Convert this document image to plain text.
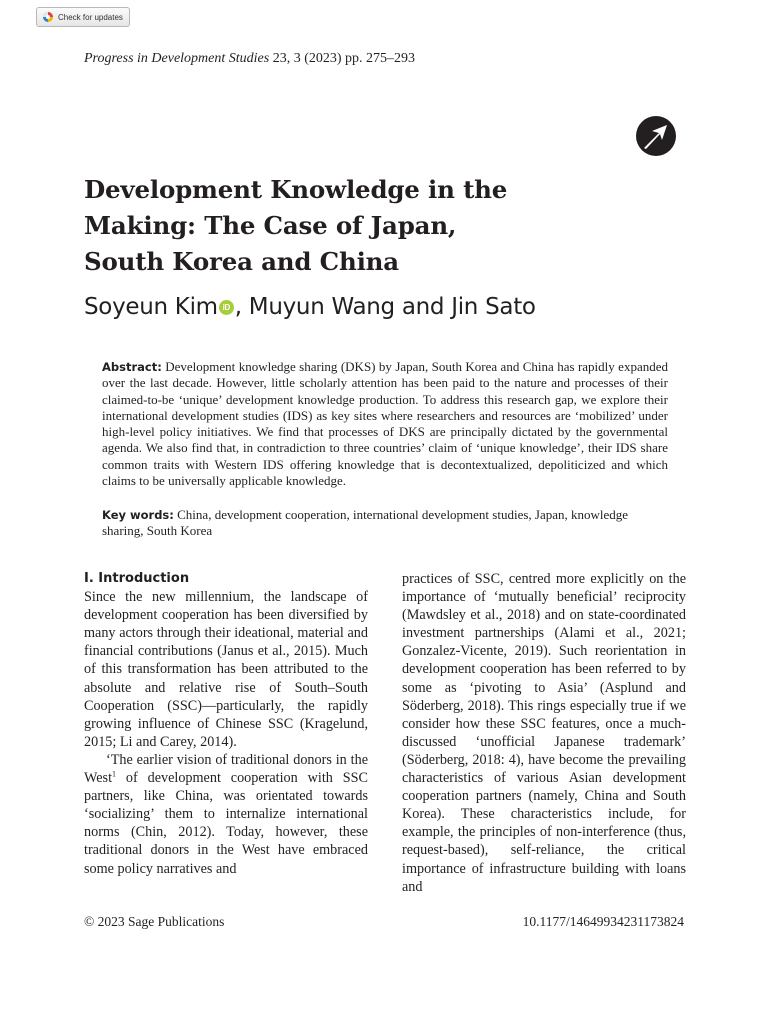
Check for updates
Progress in Development Studies 23, 3 (2023) pp. 275–293
Development Knowledge in the
Making: The Case of Japan,
South Korea and China
Soyeun Kim iD , Muyun Wang and Jin Sato

Abstract: Development knowledge sharing (DKS) by Japan, South Korea and China has rapidly expanded over the last decade. However, little scholarly attention has been paid to the nature and processes of their claimed-to-be ‘unique’ development knowledge production. To address this research gap, we explore their international development studies (IDS) as key sites where researchers and resources are ‘mobilized’ under high-level policy initiatives. We find that processes of DKS are principally dictated by the governmental agenda. We also find that, in contradiction to three countries’ claim of ‘unique knowledge’, their IDS share common traits with Western IDS offering knowledge that is decontextualized, depoliticized and which claims to be universally applicable knowledge.

Key words: China, development cooperation, international development studies, Japan, knowledge sharing, South Korea

I. Introduction

Since the new millennium, the landscape of development cooperation has been diversified by many actors through their ideational, material and financial contributions (Janus et al., 2015). Much of this transformation has been attributed to the absolute and relative rise of South–South Cooperation (SSC)—particularly, the rapidly growing influence of Chinese SSC (Kragelund, 2015; Li and Carey, 2014).

‘The earlier vision of traditional donors in the West$^1$ of development cooperation with SSC partners, like China, was orientated towards ‘socializing’ them to internalize international norms (Chin, 2012). Today, however, these traditional donors in the West have embraced some policy narratives and

practices of SSC, centred more explicitly on the importance of ‘mutually beneficial’ reciprocity (Mawdsley et al., 2018) and on state-coordinated investment partnerships (Alami et al., 2021; Gonzalez-Vicente, 2019). Such reorientation in development cooperation has been referred to by some as ‘pivoting to Asia’ (Asplund and Söderberg, 2018). This rings especially true if we consider how these SSC features, once a much-discussed ‘unofficial Japanese trademark’ (Söderberg, 2018: 4), have become the prevailing characteristics of various Asian development cooperation partners (namely, China and South Korea). These characteristics include, for example, the principles of non-interference (thus, request-based), self-reliance, the critical importance of infrastructure building with loans and

© 2023 Sage Publications	10.1177/14649934231173824
